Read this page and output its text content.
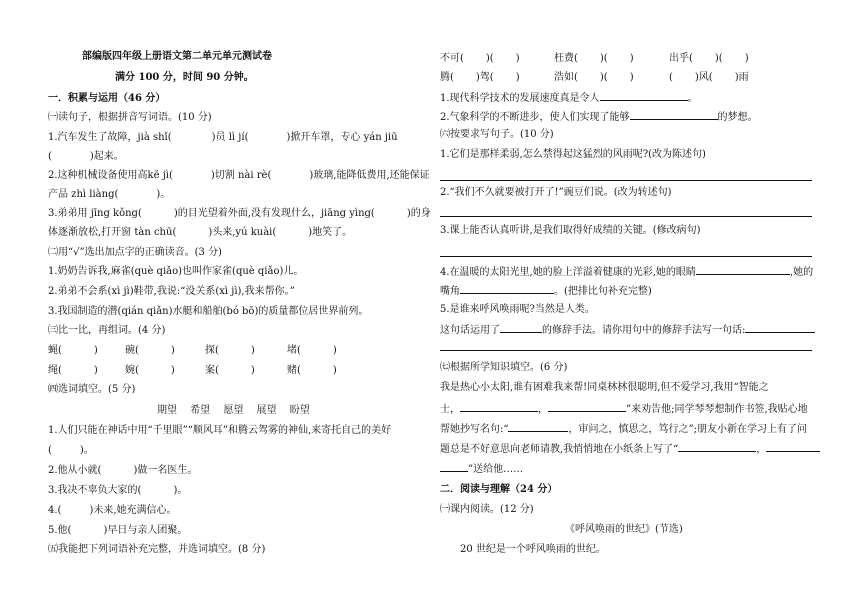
部编版四年级上册语文第二单元单元测试卷
满分 100 分，时间 90 分钟。
一．积累与运用（46 分）
㈠读句子，根据拼音写词语。(10 分)
1.汽车发生了故障，jià shǐ(	)员 lì jí(	)掀开车罩，专心 yán jiū
(	)起来。
2.这种机械设备使用高kē jì(	)切割 nài rè(	)玻璃,能降低费用,还能保证
产品 zhì liàng(	)。
3.弟弟用 jīng kǒng(	)的目光望着外面,没有发现什么，jiāng yìng(	)的身
体逐渐放松,打开窗 tàn chū(	)头来,yú kuài(	)地笑了。
㈡用“√”选出加点字的正确读音。(3 分)
1.奶奶告诉我,麻雀(què qiǎo)也叫作家雀(què qiǎo)儿。
2.弟弟不会系(xì jì)鞋带,我说:“没关系(xì jì),我来帮你。”
3.我国制造的潜(qián qiǎn)水艇和船舶(bó bō)的质量都位居世界前列。
㈢比一比，再组词。(4 分)
蝇(	)	碗(	)	探(	)	堵(	)
绳(	)	婉(	)	案(	)	赌(	)
㈣选词填空。(5 分)
期望　 希望　 愿望　 展望　 盼望
1.人们只能在神话中用“千里眼”“顺风耳”和腾云驾雾的神仙,来寄托自己的美好
(	)。
2.他从小就(	)做一名医生。
3.我决不辜负大家的(	)。
4.(	)未来,她充满信心。
5.他(	)早日与亲人团聚。
㈤我能把下列词语补充完整，并选词填空。(8 分)
不可( )( )	枉费( )( )	出乎( )( )
腾( )驾( )	浩如( )( )	( )风( )雨
1.现代科学技术的发展速度真是令人	。
2.气象科学的不断进步，使人们实现了能够	的梦想。
㈥按要求写句子。(10 分)
1.它们是那样柔弱,怎么禁得起这猛烈的风雨呢?(改为陈述句)
2.“我们不久就要被打开了!”豌豆们说。(改为转述句)
3.课上能否认真听讲,是我们取得好成绩的关键。(修改病句)
4.在温暖的太阳光里,她的脸上洋溢着健康的光彩,她的眼睛	,她的
嘴角	。(把排比句补充完整)
5.是谁来呼风唤雨呢?当然是人类。
这句话运用了	的修辞手法。请你用句中的修辞手法写一句话:
㈦根据所学知识填空。(6 分)
我是热心小太阳,谁有困难我来帮!同桌林林很聪明,但不爱学习,我用“智能之
士，	，	”来劝告他;同学琴琴想制作书签,我贴心地
帮她抄写名句:“	，审问之，慎思之，笃行之”;朋友小新在学习上有了问
题总是不好意思向老师请教,我悄悄地在小纸条上写了“	，
”送给他……
二．阅读与理解（24 分）
㈠课内阅读。(12 分)
《呼风唤雨的世纪》(节选)
20 世纪是一个呼风唤雨的世纪。
